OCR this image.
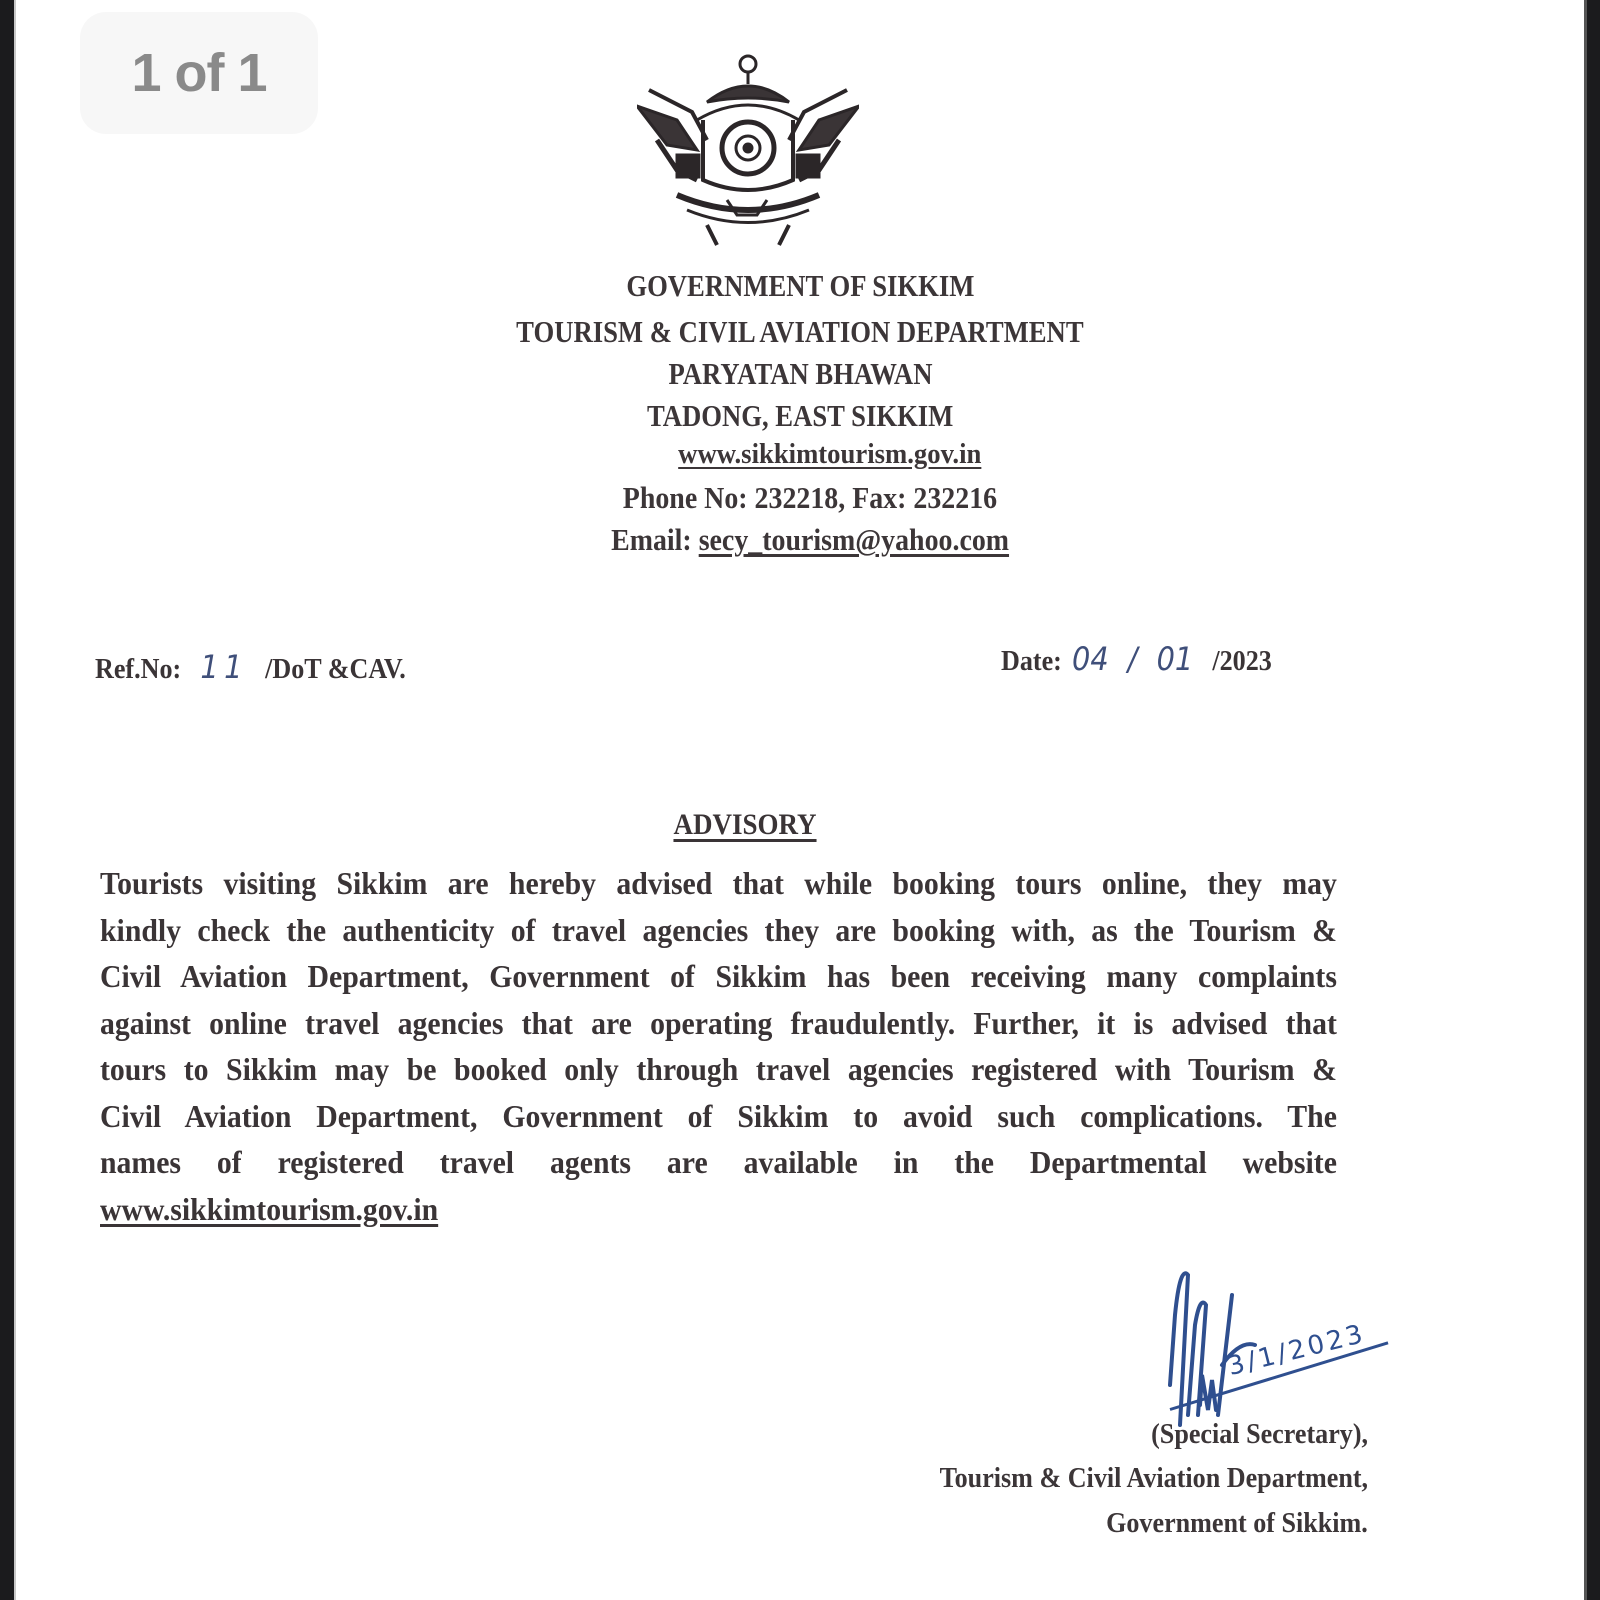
1 of 1
GOVERNMENT OF SIKKIM
TOURISM & CIVIL AVIATION DEPARTMENT
PARYATAN BHAWAN
TADONG, EAST SIKKIM
www.sikkimtourism.gov.in
Phone No: 232218, Fax: 232216
Email: secy_tourism@yahoo.com
Ref.No: 11 /DoT &CAV.	Date: 04 / 01 /2023
ADVISORY
Tourists visiting Sikkim are hereby advised that while booking tours online, they may
kindly check the authenticity of travel agencies they are booking with, as the Tourism &
Civil Aviation Department, Government of Sikkim has been receiving many complaints
against online travel agencies that are operating fraudulently. Further, it is advised that
tours to Sikkim may be booked only through travel agencies registered with Tourism &
Civil Aviation Department, Government of Sikkim to avoid such complications. The
names of registered travel agents are available in the Departmental website
www.sikkimtourism.gov.in
3/1/2023
(Special Secretary),
Tourism & Civil Aviation Department,
Government of Sikkim.
